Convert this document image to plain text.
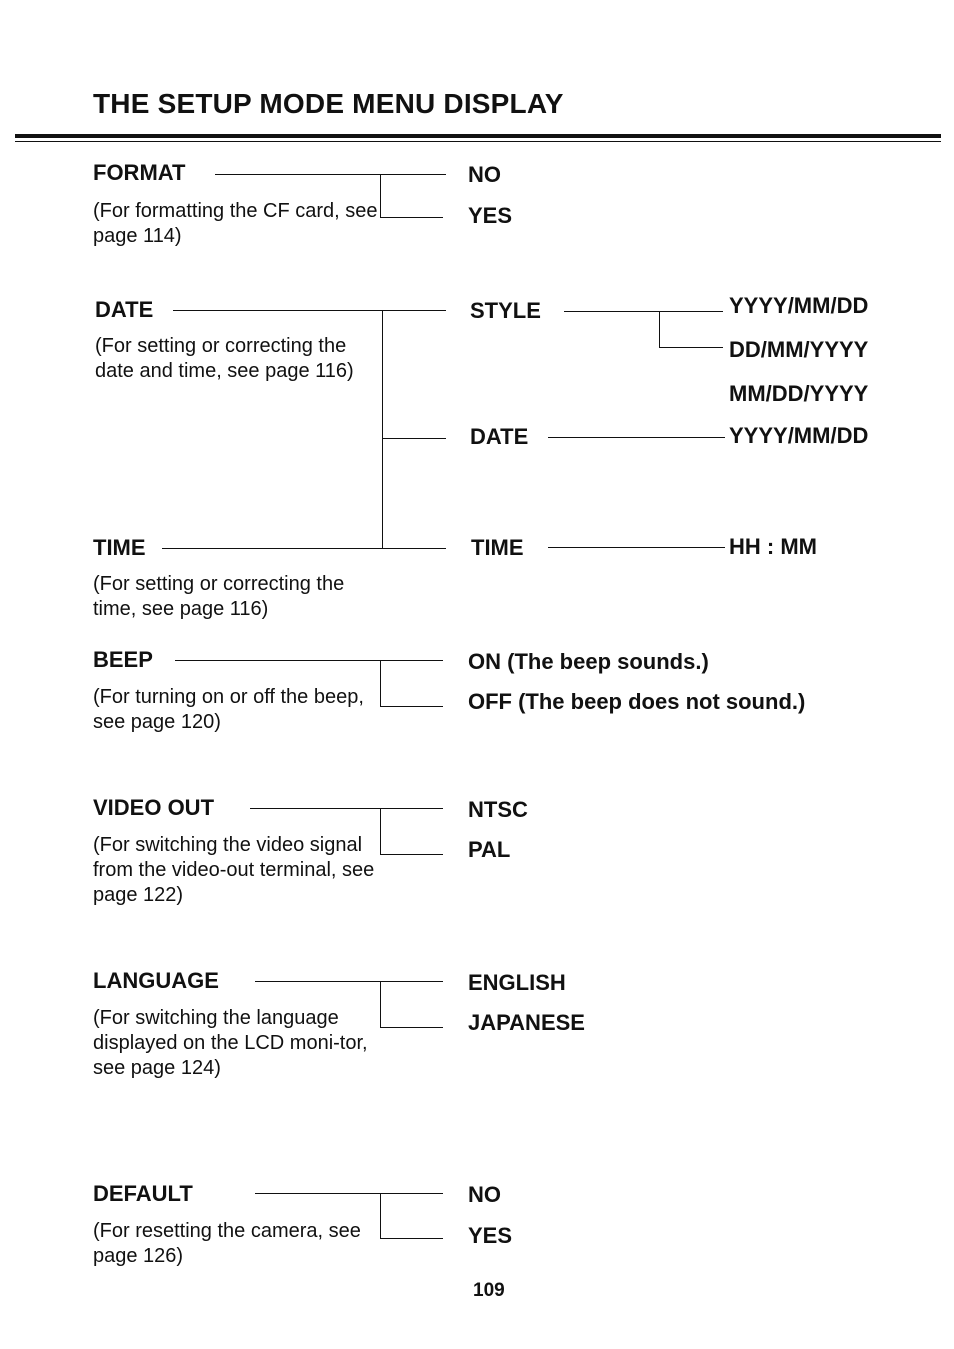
THE SETUP MODE MENU DISPLAY
FORMAT
(For formatting the CF card, see page 114)
NO
YES
DATE
(For setting or correcting the date and time, see page 116)
TIME
(For setting or correcting the time, see page 116)
STYLE	YYYY/MM/DD
DD/MM/YYYY
MM/DD/YYYY
DATE	YYYY/MM/DD
TIME	HH : MM
BEEP
(For turning on or off the beep, see page 120)
ON (The beep sounds.)
OFF (The beep does not sound.)
VIDEO OUT
(For switching the video signal from the video-out terminal, see page 122)
NTSC
PAL
LANGUAGE
(For switching the language displayed on the LCD moni-tor, see page 124)
ENGLISH
JAPANESE
DEFAULT
(For resetting the camera, see page 126)
NO
YES
109
